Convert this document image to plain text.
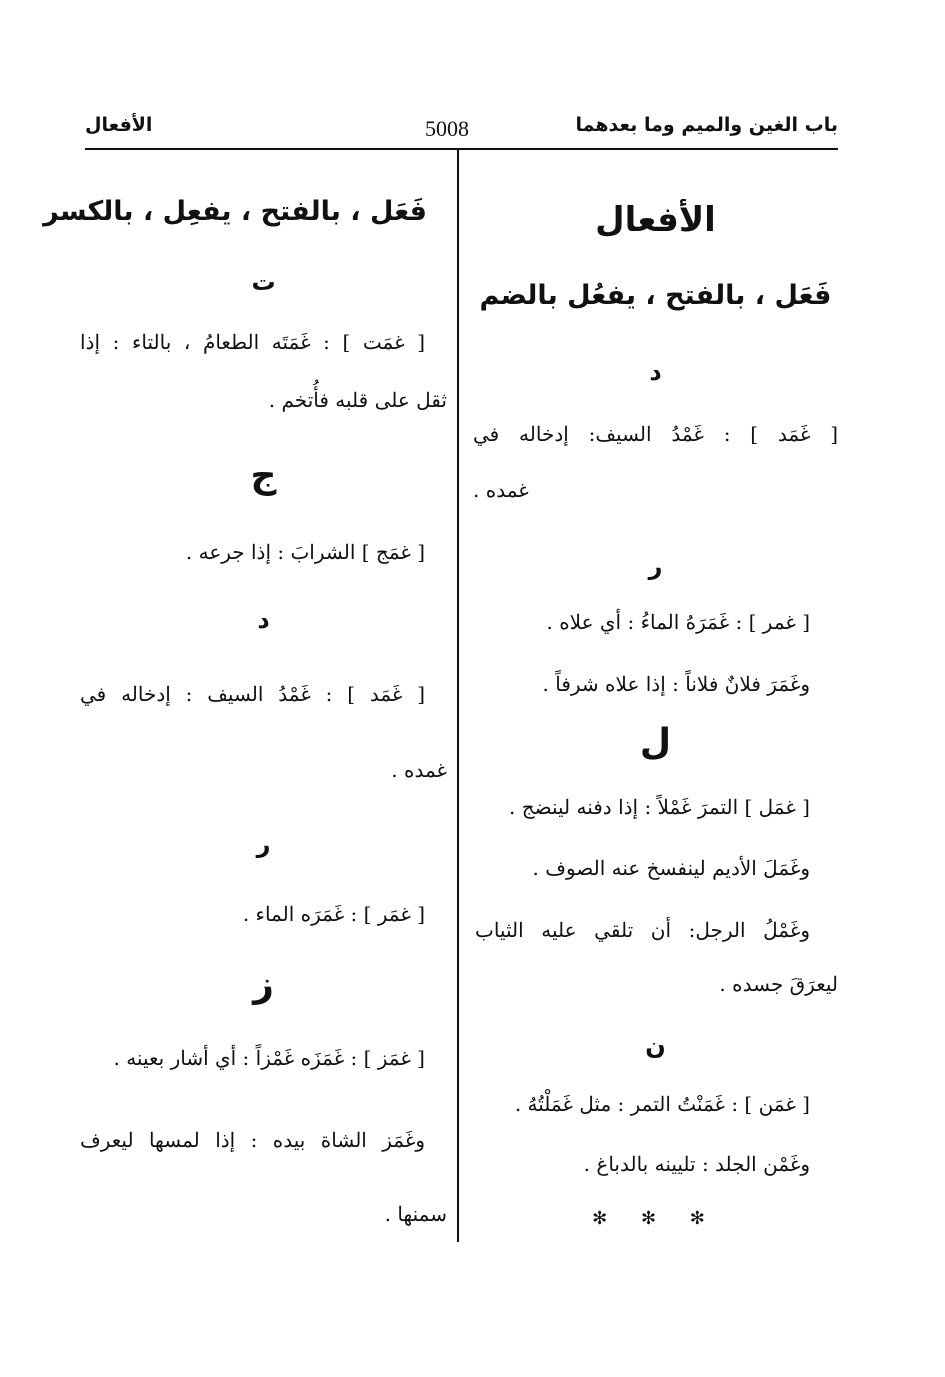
باب الغين والميم وما بعدهما
5008
الأفعال
الأفعال
فَعَل ، بالفتح ، يفعُل بالضم
د
[ غَمَد ] : غَمْدُ السيف: إدخاله في
غمده .
ر
[ غمر ] : غَمَرَهُ الماءُ : أي علاه .
وغَمَرَ فلانٌ فلاناً : إذا علاه شرفاً .
ل
[ غمَل ] التمرَ غَمْلاً : إذا دفنه لينضج .
وغَمَلَ الأديم لينفسخ عنه الصوف .
وغَمْلُ الرجل: أن تلقي عليه الثياب
ليعرَقَ جسده .
ن
[ غمَن ] : غَمَنْتُ التمر : مثل غَمَلْتُهُ .
وغَمْن الجلد : تليينه بالدباغ .
✻ ✻ ✻
فَعَل ، بالفتح ، يفعِل ، بالكسر
ت
[ غمَت ] : غَمَتَه الطعامُ ، بالتاء : إذا
ثقل على قلبه فأُتخم .
ج
[ غمَج ] الشرابَ : إذا جرعه .
د
[ غَمَد ] : غَمْدُ السيف : إدخاله في
غمده .
ر
[ غمَر ] : غَمَرَه الماء .
ز
[ غمَز ] : غَمَزَه غَمْزاً : أي أشار بعينه .
وغَمَز الشاة بيده : إذا لمسها ليعرف
سمنها .
